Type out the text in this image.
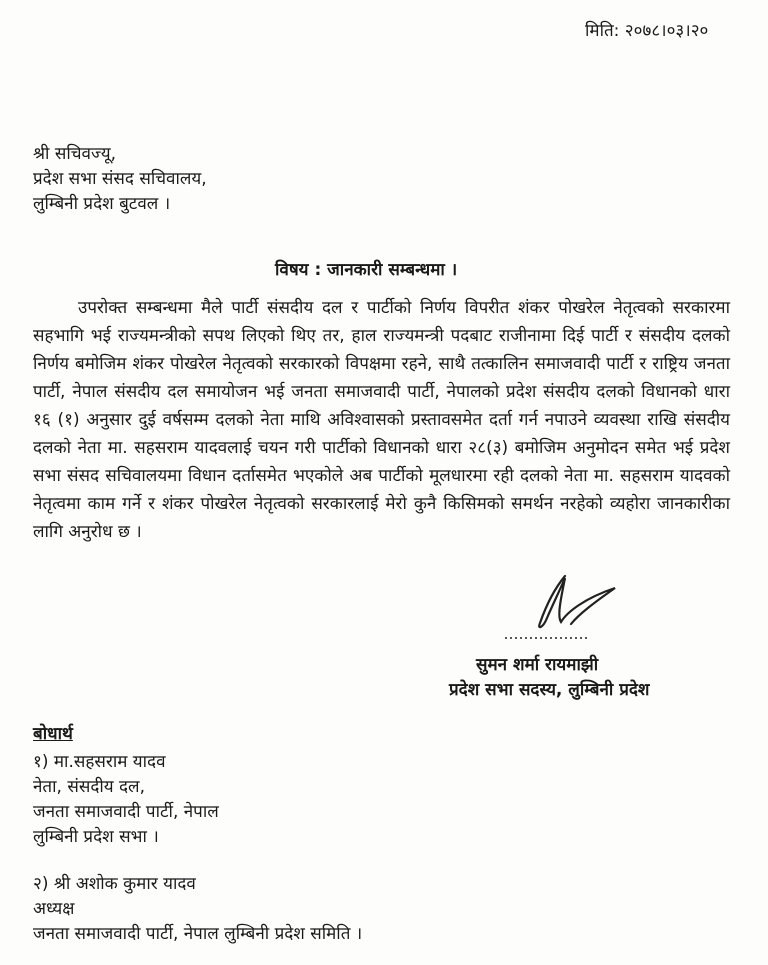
मिति: २०७८।०३।२०
श्री सचिवज्यू,
प्रदेश सभा संसद सचिवालय,
लुम्बिनी प्रदेश बुटवल ।
विषय : जानकारी सम्बन्धमा ।
उपरोक्त सम्बन्धमा मैले पार्टी संसदीय दल र पार्टीको निर्णय विपरीत शंकर पोखरेल नेतृत्वको सरकारमा सहभागि भई राज्यमन्त्रीको सपथ लिएको थिए तर, हाल राज्यमन्त्री पदबाट राजीनामा दिई पार्टी र संसदीय दलको निर्णय बमोजिम शंकर पोखरेल नेतृत्वको सरकारको विपक्षमा रहने, साथै तत्कालिन समाजवादी पार्टी र राष्ट्रिय जनता पार्टी, नेपाल संसदीय दल समायोजन भई जनता समाजवादी पार्टी, नेपालको प्रदेश संसदीय दलको विधानको धारा १६ (१) अनुसार दुई वर्षसम्म दलको नेता माथि अविश्वासको प्रस्तावसमेत दर्ता गर्न नपाउने व्यवस्था राखि संसदीय दलको नेता मा. सहसराम यादवलाई चयन गरी पार्टीको विधानको धारा २८(३) बमोजिम अनुमोदन समेत भई प्रदेश सभा संसद सचिवालयमा विधान दर्तासमेत भएकोले अब पार्टीको मूलधारमा रही दलको नेता मा. सहसराम यादवको नेतृत्वमा काम गर्ने र शंकर पोखरेल नेतृत्वको सरकारलाई मेरो कुनै किसिमको समर्थन नरहेको व्यहोरा जानकारीका लागि अनुरोध छ ।
सुमन शर्मा रायमाझी
प्रदेश सभा सदस्य, लुम्बिनी प्रदेश
बोधार्थ
१) मा.सहसराम यादव
नेता, संसदीय दल,
जनता समाजवादी पार्टी, नेपाल
लुम्बिनी प्रदेश सभा ।
२) श्री अशोक कुमार यादव
अध्यक्ष
जनता समाजवादी पार्टी, नेपाल लुम्बिनी प्रदेश समिति ।
